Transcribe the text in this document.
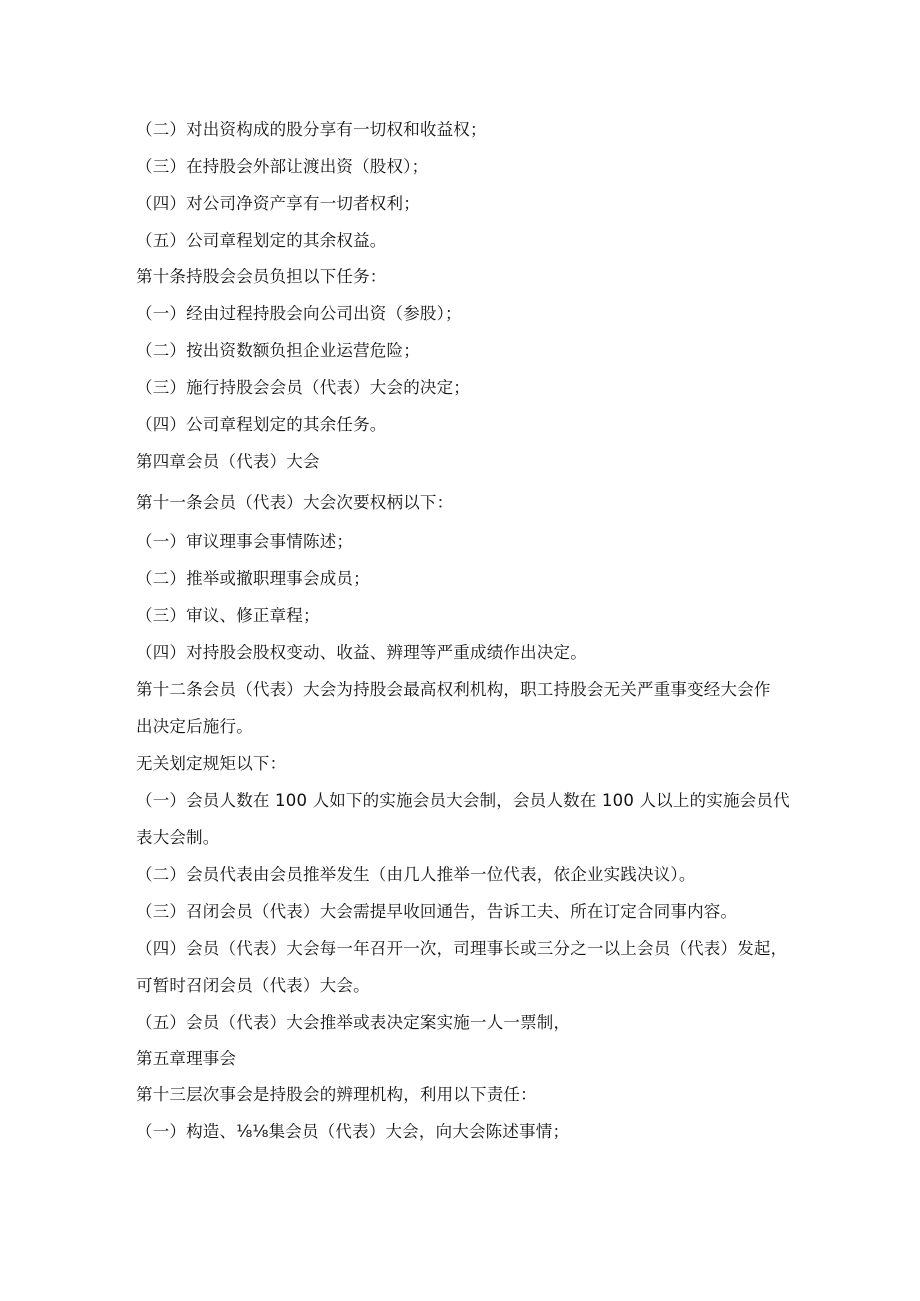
（二）对出资构成的股分享有一切权和收益权；
（三）在持股会外部让渡出资（股权）；
（四）对公司净资产享有一切者权利；
（五）公司章程划定的其余权益。
第十条持股会会员负担以下任务：
（一）经由过程持股会向公司出资（参股）；
（二）按出资数额负担企业运营危险；
（三）施行持股会会员（代表）大会的决定；
（四）公司章程划定的其余任务。
第四章会员（代表）大会
第十一条会员（代表）大会次要权柄以下：
（一）审议理事会事情陈述；
（二）推举或撤职理事会成员；
（三）审议、修正章程；
（四）对持股会股权变动、收益、辨理等严重成绩作出决定。
第十二条会员（代表）大会为持股会最高权利机构，职工持股会无关严重事变经大会作
出决定后施行。
无关划定规矩以下：
（一）会员人数在 100 人如下的实施会员大会制，会员人数在 100 人以上的实施会员代
表大会制。
（二）会员代表由会员推举发生（由几人推举一位代表，依企业实践决议）。
（三）召闭会员（代表）大会需提早收回通告，告诉工夫、所在订定合同事内容。
（四）会员（代表）大会每一年召开一次，司理事长或三分之一以上会员（代表）发起，
可暂时召闭会员（代表）大会。
（五）会员（代表）大会推举或表决定案实施一人一票制，
第五章理事会
第十三层次事会是持股会的辨理机构，利用以下责任：
（一）构造、⅛⅛集会员（代表）大会，向大会陈述事情；
